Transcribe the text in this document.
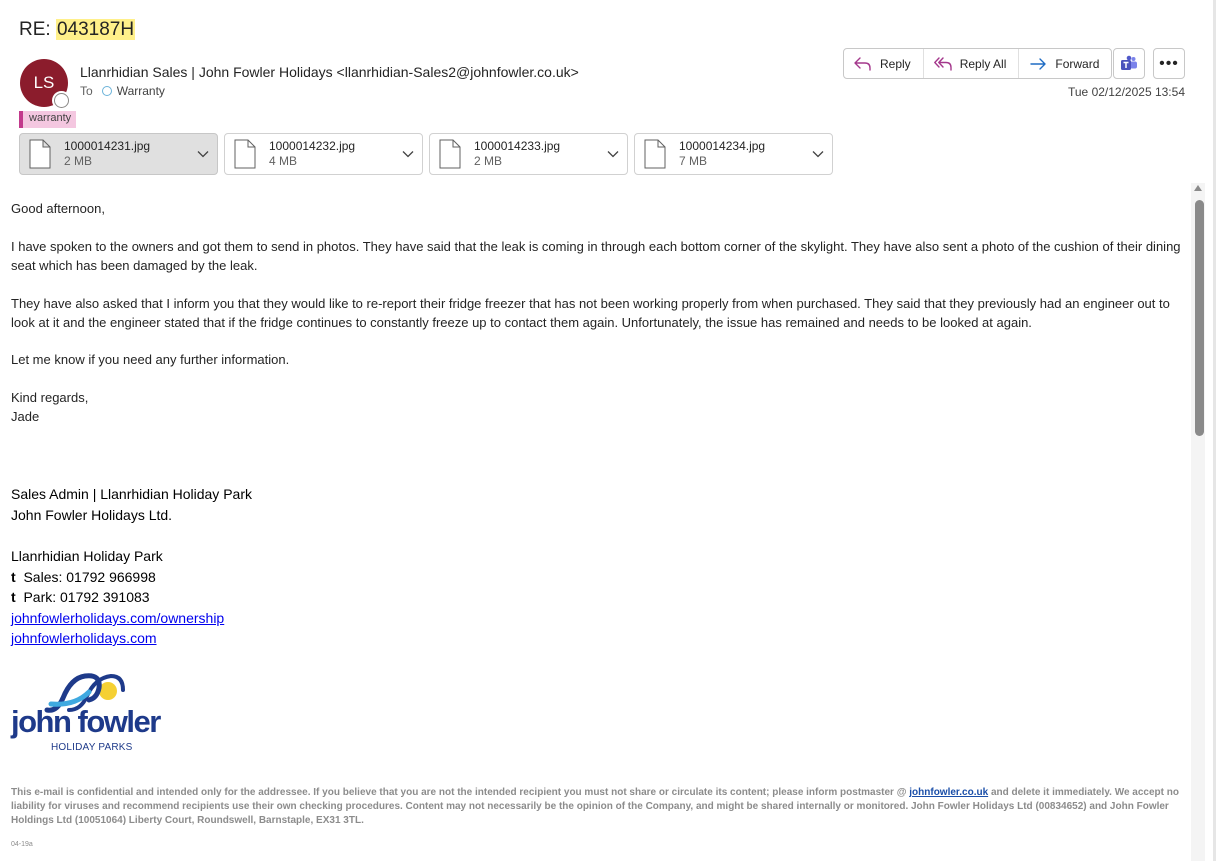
RE: 043187H
LS
Llanrhidian Sales | John Fowler Holidays <llanrhidian-Sales2@johnfowler.co.uk>
To Warranty
warranty
Reply	Reply All	Forward	•••
Tue 02/12/2025 13:54
1000014231.jpg
2 MB
1000014232.jpg
4 MB
1000014233.jpg
2 MB
1000014234.jpg
7 MB
Good afternoon,
I have spoken to the owners and got them to send in photos. They have said that the leak is coming in through each bottom corner of the skylight. They have also sent a photo of the cushion of their dining seat which has been damaged by the leak.
They have also asked that I inform you that they would like to re-report their fridge freezer that has not been working properly from when purchased. They said that they previously had an engineer out to look at it and the engineer stated that if the fridge continues to constantly freeze up to contact them again. Unfortunately, the issue has remained and needs to be looked at again.
Let me know if you need any further information.
Kind regards,
Jade
Sales Admin | Llanrhidian Holiday Park
John Fowler Holidays Ltd.
Llanrhidian Holiday Park
t Sales: 01792 966998
t Park: 01792 391083
johnfowlerholidays.com/ownership
johnfowlerholidays.com
john fowler
HOLIDAY PARKS
This e-mail is confidential and intended only for the addressee. If you believe that you are not the intended recipient you must not share or circulate its content; please inform postmaster @ johnfowler.co.uk and delete it immediately. We accept no liability for viruses and recommend recipients use their own checking procedures. Content may not necessarily be the opinion of the Company, and might be shared internally or monitored. John Fowler Holidays Ltd (00834652) and John Fowler Holdings Ltd (10051064) Liberty Court, Roundswell, Barnstaple, EX31 3TL.
04-19a
